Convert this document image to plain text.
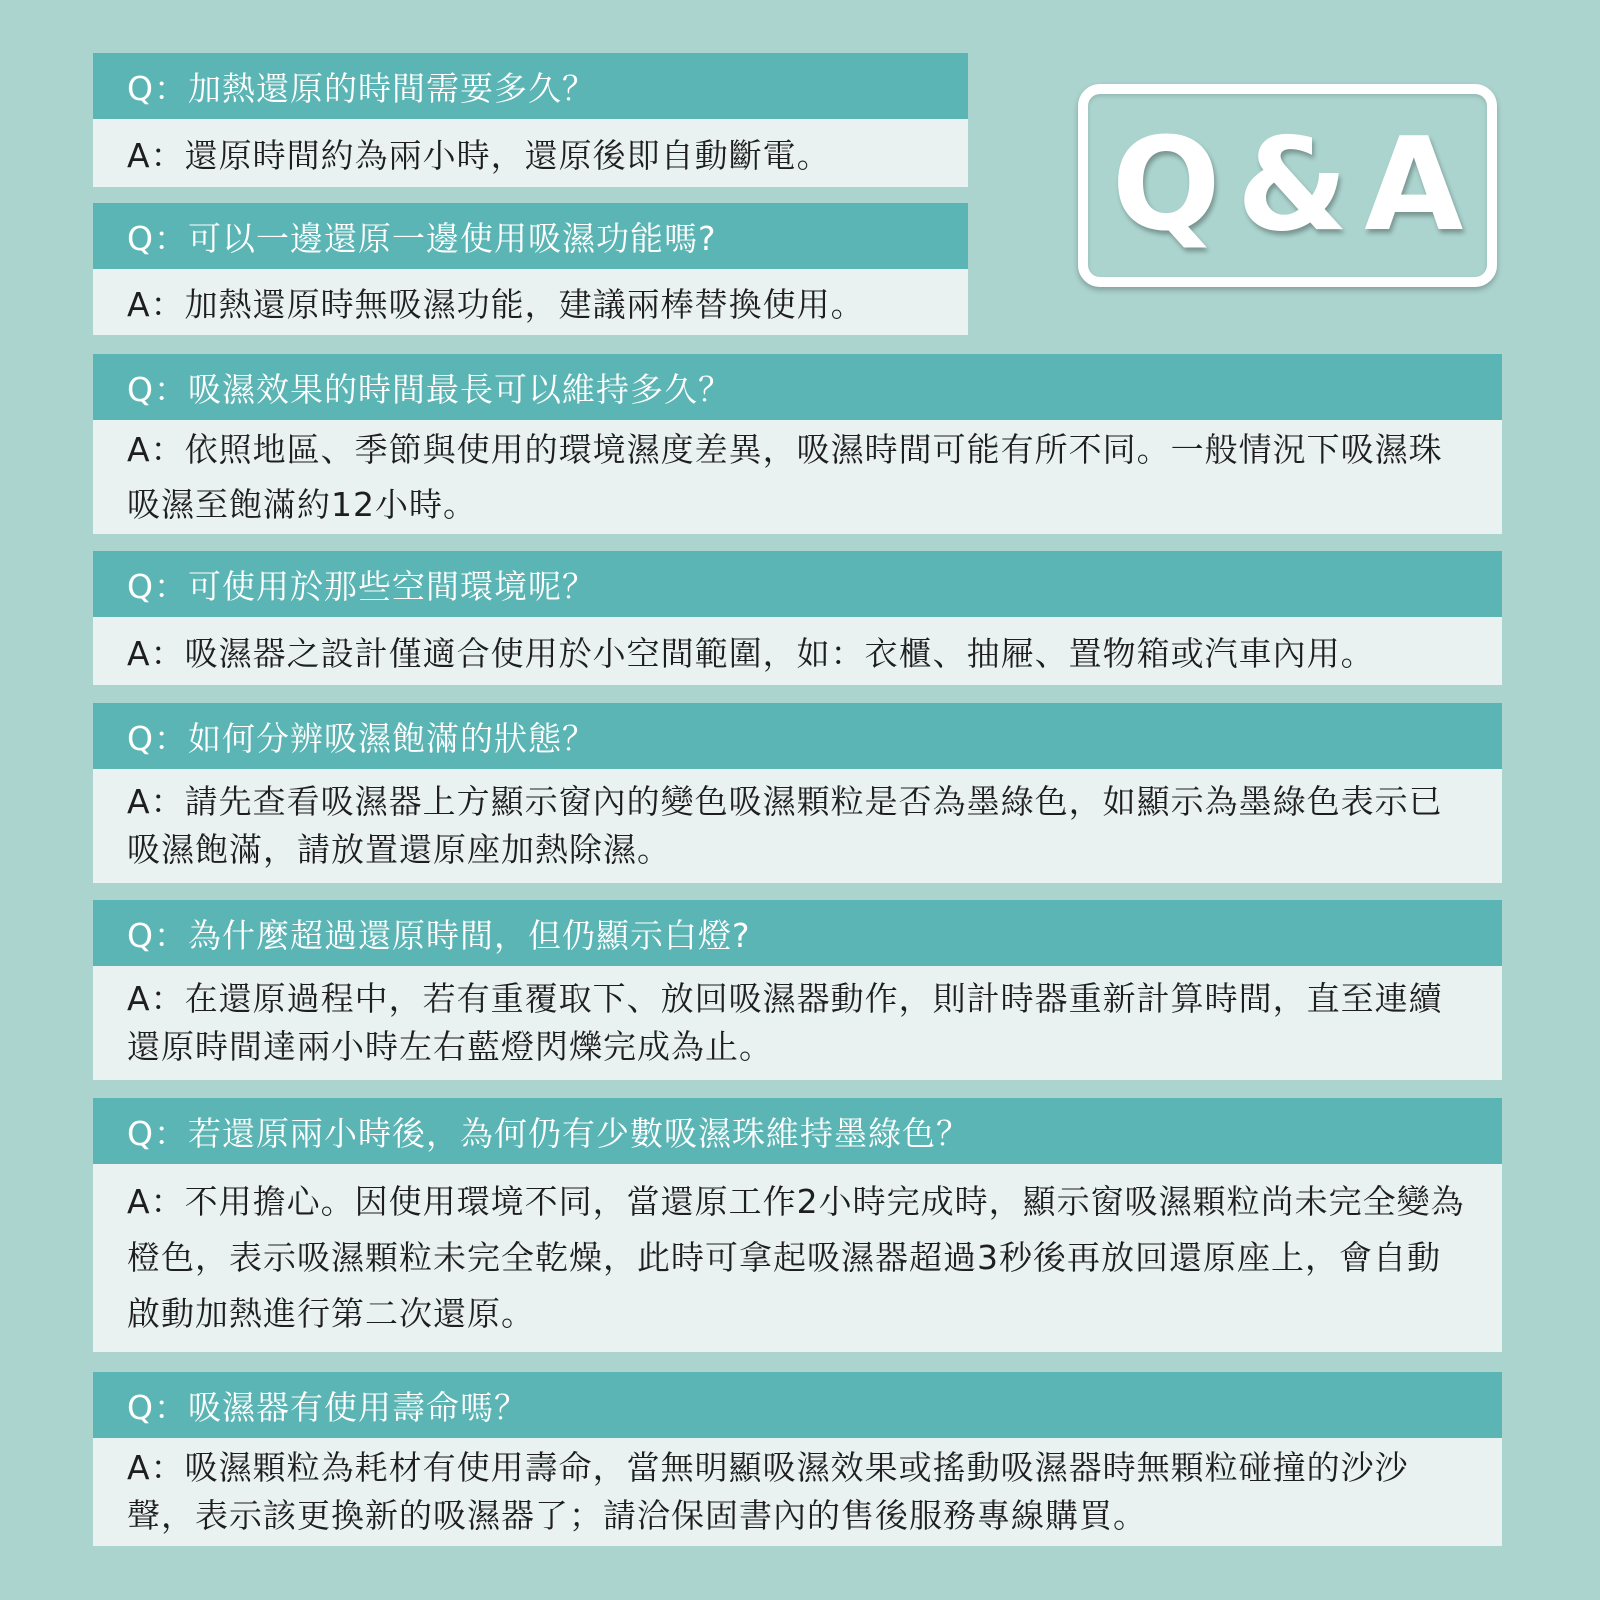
Q&A
Q：加熱還原的時間需要多久？
A：還原時間約為兩小時，還原後即自動斷電。
Q：可以一邊還原一邊使用吸濕功能嗎?
A：加熱還原時無吸濕功能，建議兩棒替換使用。
Q：吸濕效果的時間最長可以維持多久？
A：依照地區、季節與使用的環境濕度差異，吸濕時間可能有所不同。一般情況下吸濕珠吸濕至飽滿約12小時。
Q：可使用於那些空間環境呢？
A：吸濕器之設計僅適合使用於小空間範圍，如：衣櫃、抽屜、置物箱或汽車內用。
Q：如何分辨吸濕飽滿的狀態？
A：請先查看吸濕器上方顯示窗內的變色吸濕顆粒是否為墨綠色，如顯示為墨綠色表示已吸濕飽滿，請放置還原座加熱除濕。
Q：為什麼超過還原時間，但仍顯示白燈?
A：在還原過程中，若有重覆取下、放回吸濕器動作，則計時器重新計算時間，直至連續還原時間達兩小時左右藍燈閃爍完成為止。
Q：若還原兩小時後，為何仍有少數吸濕珠維持墨綠色？
A：不用擔心。因使用環境不同，當還原工作2小時完成時，顯示窗吸濕顆粒尚未完全變為橙色，表示吸濕顆粒未完全乾燥，此時可拿起吸濕器超過3秒後再放回還原座上，會自動啟動加熱進行第二次還原。
Q：吸濕器有使用壽命嗎？
A：吸濕顆粒為耗材有使用壽命，當無明顯吸濕效果或搖動吸濕器時無顆粒碰撞的沙沙聲，表示該更換新的吸濕器了；請洽保固書內的售後服務專線購買。
